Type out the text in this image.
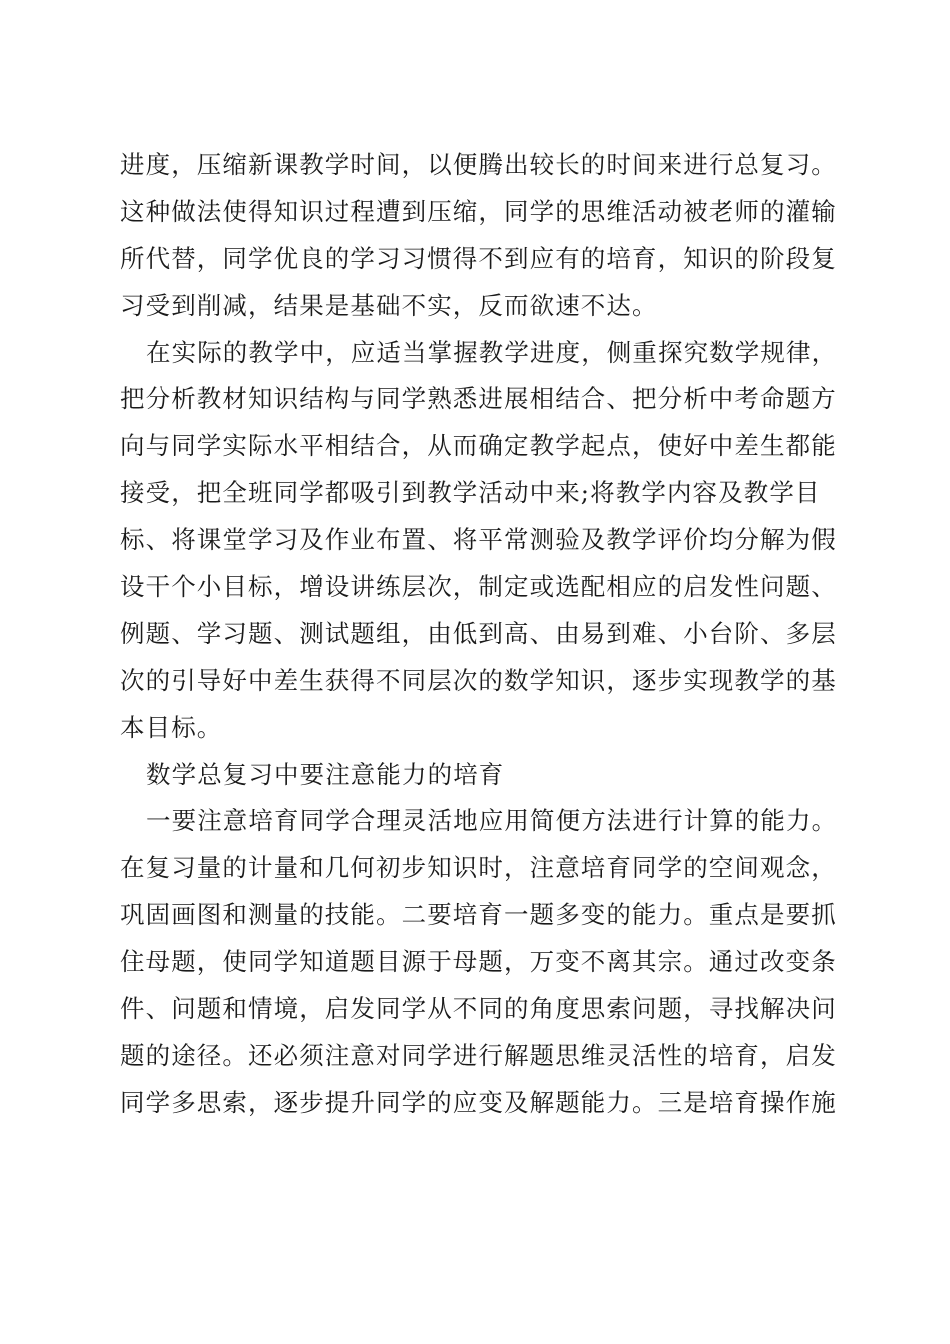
进度，压缩新课教学时间，以便腾出较长的时间来进行总复习。
这种做法使得知识过程遭到压缩，同学的思维活动被老师的灌输
所代替，同学优良的学习习惯得不到应有的培育，知识的阶段复
习受到削减，结果是基础不实，反而欲速不达。
在实际的教学中，应适当掌握教学进度，侧重探究数学规律，
把分析教材知识结构与同学熟悉进展相结合、把分析中考命题方
向与同学实际水平相结合，从而确定教学起点，使好中差生都能
接受，把全班同学都吸引到教学活动中来;将教学内容及教学目
标、将课堂学习及作业布置、将平常测验及教学评价均分解为假
设干个小目标，增设讲练层次，制定或选配相应的启发性问题、
例题、学习题、测试题组，由低到高、由易到难、小台阶、多层
次的引导好中差生获得不同层次的数学知识，逐步实现教学的基
本目标。
数学总复习中要注意能力的培育
一要注意培育同学合理灵活地应用简便方法进行计算的能力。
在复习量的计量和几何初步知识时，注意培育同学的空间观念，
巩固画图和测量的技能。二要培育一题多变的能力。重点是要抓
住母题，使同学知道题目源于母题，万变不离其宗。通过改变条
件、问题和情境，启发同学从不同的角度思索问题，寻找解决问
题的途径。还必须注意对同学进行解题思维灵活性的培育，启发
同学多思索，逐步提升同学的应变及解题能力。三是培育操作施
